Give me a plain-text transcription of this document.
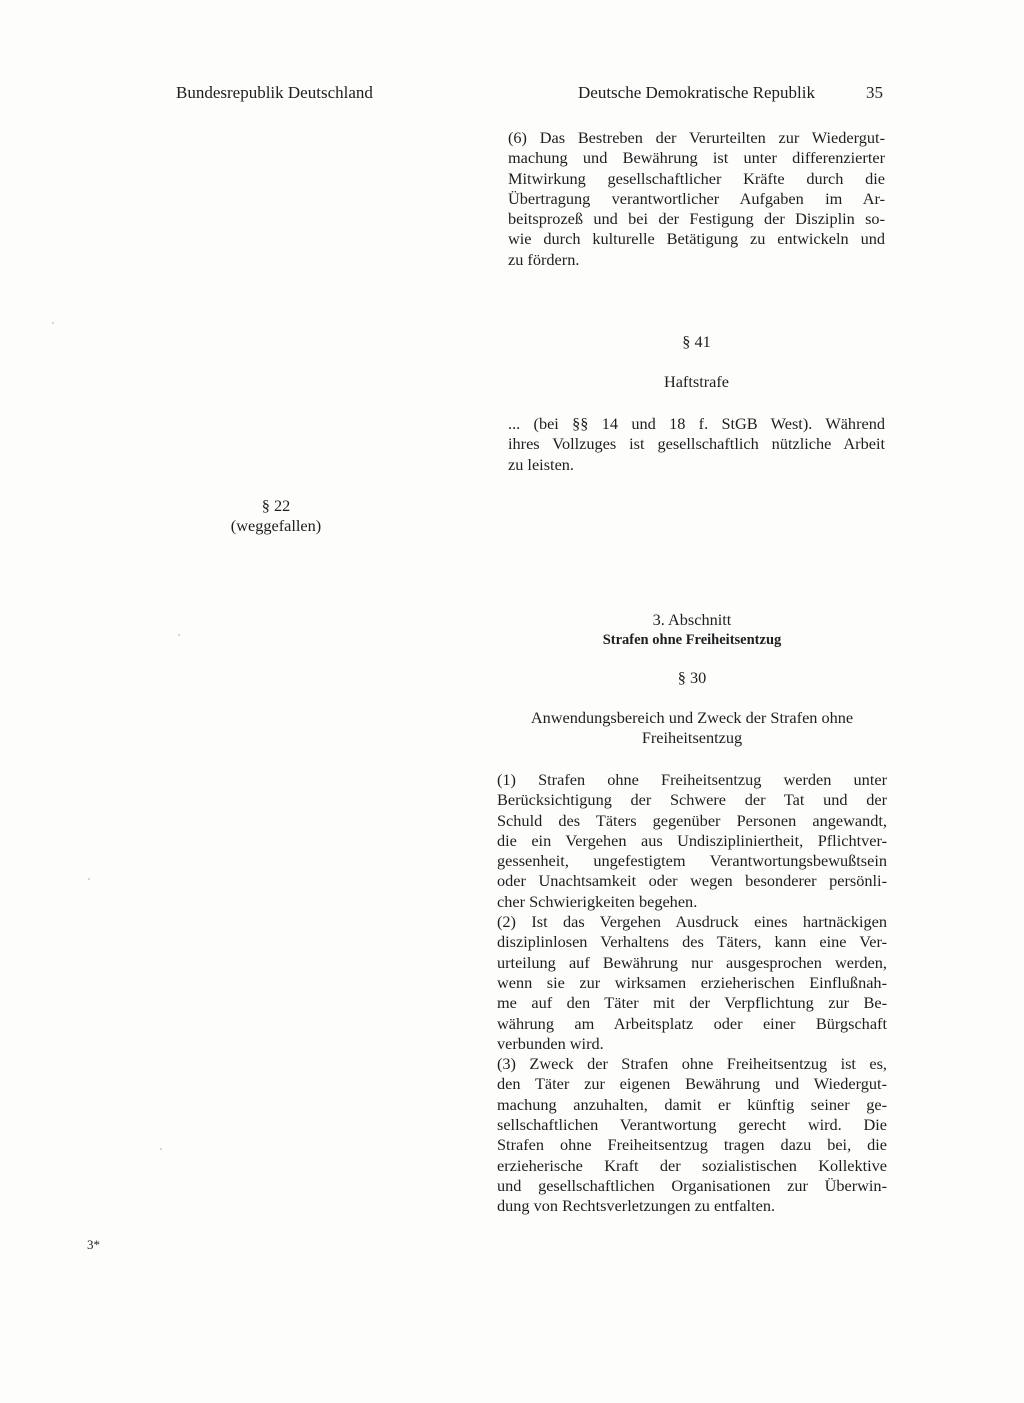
Bundesrepublik Deutschland	Deutsche Demokratische Republik	35
(6) Das Bestreben der Verurteilten zur Wiedergut-
machung und Bewährung ist unter differenzierter
Mitwirkung gesellschaftlicher Kräfte durch die
Übertragung verantwortlicher Aufgaben im Ar-
beitsprozeß und bei der Festigung der Disziplin so-
wie durch kulturelle Betätigung zu entwickeln und
zu fördern.
§ 41
Haftstrafe
... (bei §§ 14 und 18 f. StGB West). Während
ihres Vollzuges ist gesellschaftlich nützliche Arbeit
zu leisten.
§ 22
(weggefallen)
3. Abschnitt
Strafen ohne Freiheitsentzug
§ 30
Anwendungsbereich und Zweck der Strafen ohne
Freiheitsentzug
(1) Strafen ohne Freiheitsentzug werden unter
Berücksichtigung der Schwere der Tat und der
Schuld des Täters gegenüber Personen angewandt,
die ein Vergehen aus Undiszipliniertheit, Pflichtver-
gessenheit, ungefestigtem Verantwortungsbewußtsein
oder Unachtsamkeit oder wegen besonderer persönli-
cher Schwierigkeiten begehen.
(2) Ist das Vergehen Ausdruck eines hartnäckigen
disziplinlosen Verhaltens des Täters, kann eine Ver-
urteilung auf Bewährung nur ausgesprochen werden,
wenn sie zur wirksamen erzieherischen Einflußnah-
me auf den Täter mit der Verpflichtung zur Be-
währung am Arbeitsplatz oder einer Bürgschaft
verbunden wird.
(3) Zweck der Strafen ohne Freiheitsentzug ist es,
den Täter zur eigenen Bewährung und Wiedergut-
machung anzuhalten, damit er künftig seiner ge-
sellschaftlichen Verantwortung gerecht wird. Die
Strafen ohne Freiheitsentzug tragen dazu bei, die
erzieherische Kraft der sozialistischen Kollektive
und gesellschaftlichen Organisationen zur Überwin-
dung von Rechtsverletzungen zu entfalten.
3*
